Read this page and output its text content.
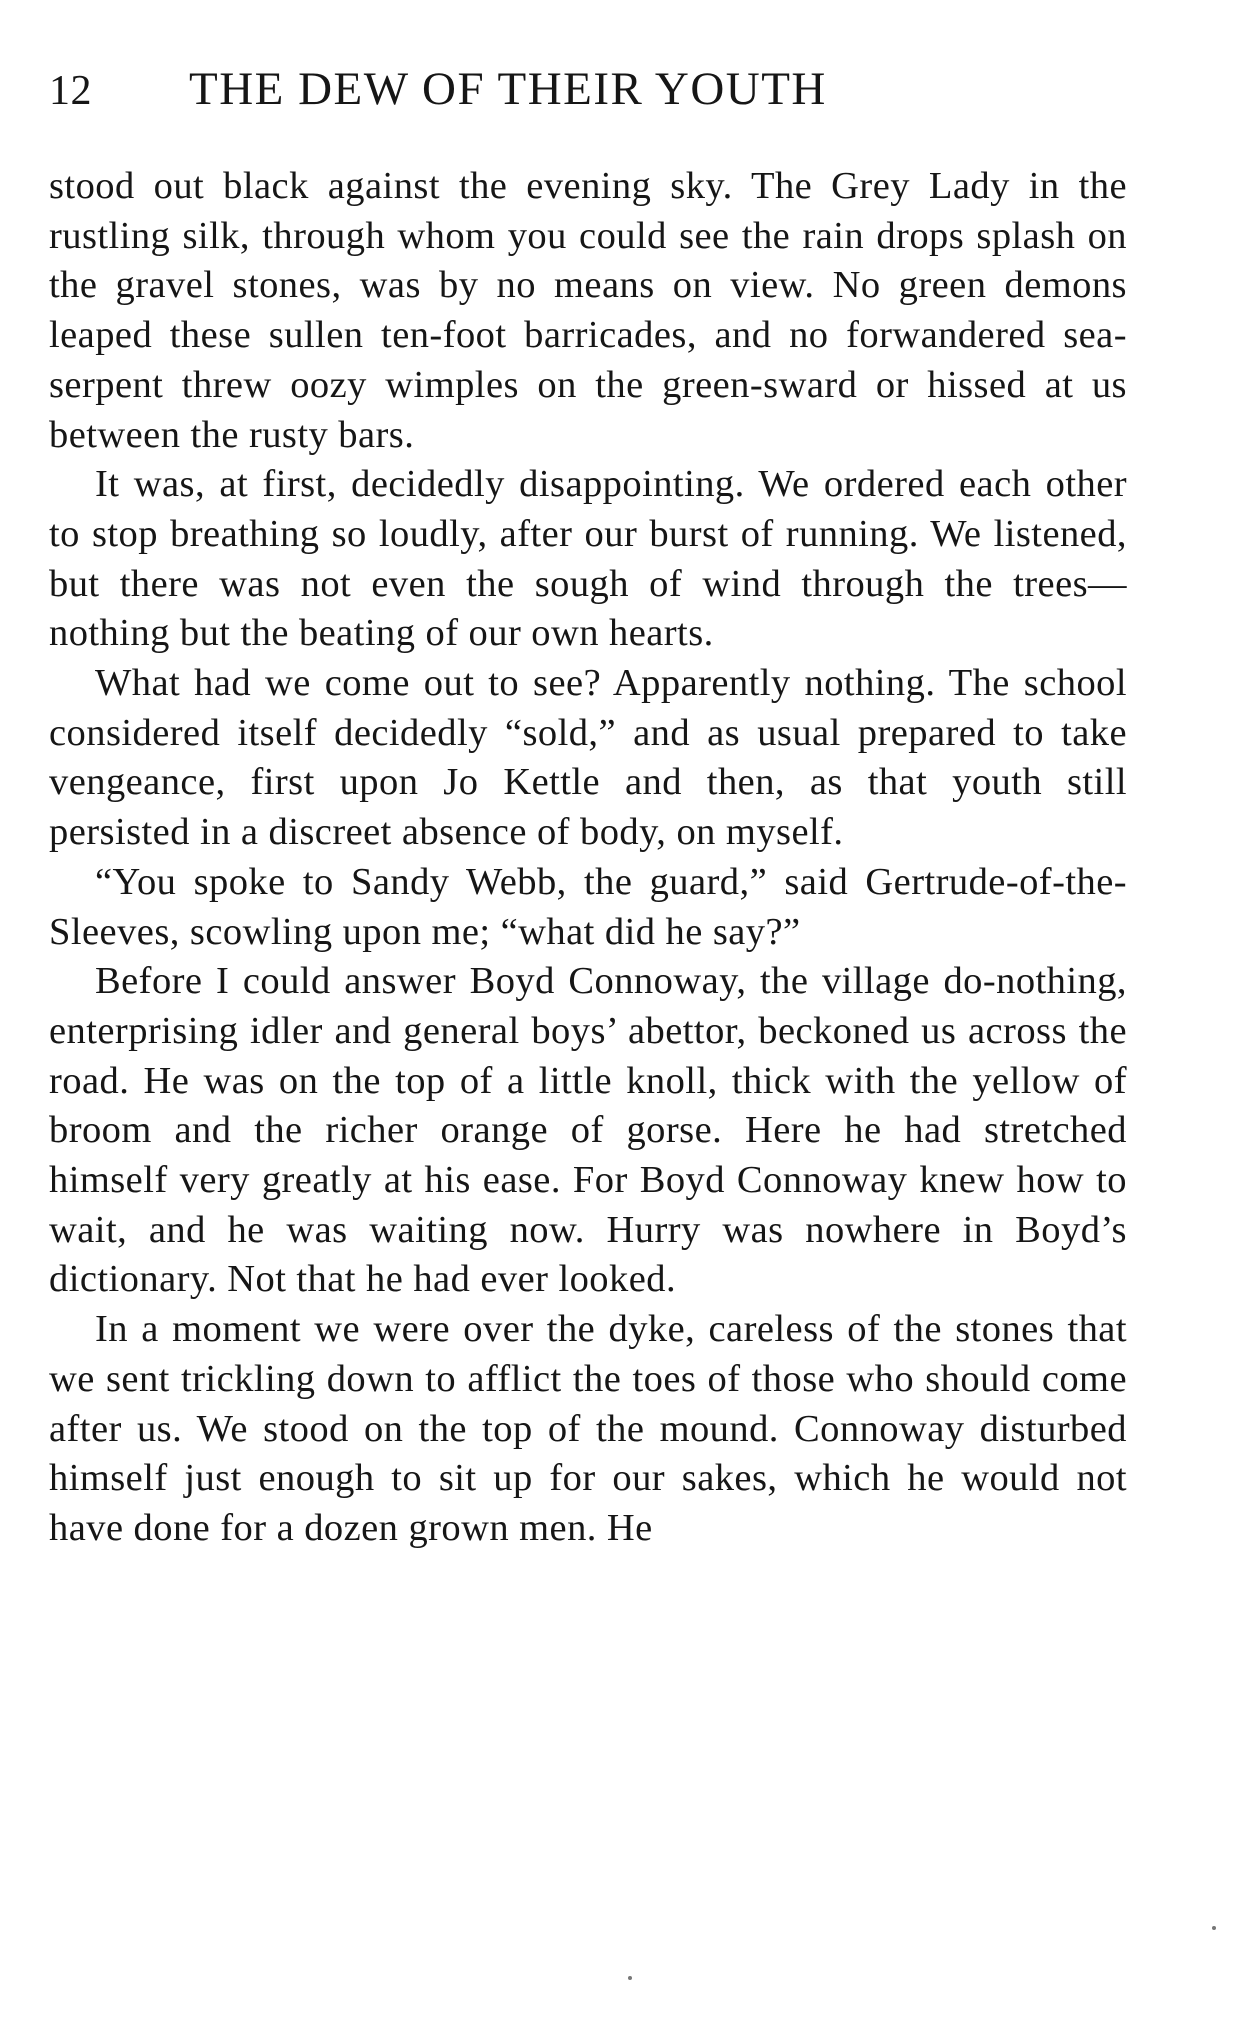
12	THE DEW OF THEIR YOUTH

stood out black against the evening sky. The Grey Lady in the rustling silk, through whom you could see the rain drops splash on the gravel stones, was by no means on view. No green demons leaped these sullen ten-foot barricades, and no forwandered sea-serpent threw oozy wimples on the green-sward or hissed at us between the rusty bars.

It was, at first, decidedly disappointing. We ordered each other to stop breathing so loudly, after our burst of running. We listened, but there was not even the sough of wind through the trees—nothing but the beating of our own hearts.

What had we come out to see? Apparently nothing. The school considered itself decidedly “sold,” and as usual prepared to take vengeance, first upon Jo Kettle and then, as that youth still persisted in a discreet absence of body, on myself.

“You spoke to Sandy Webb, the guard,” said Gertrude-of-the-Sleeves, scowling upon me; “what did he say?”

Before I could answer Boyd Connoway, the village do-nothing, enterprising idler and general boys’ abettor, beckoned us across the road. He was on the top of a little knoll, thick with the yellow of broom and the richer orange of gorse. Here he had stretched himself very greatly at his ease. For Boyd Connoway knew how to wait, and he was waiting now. Hurry was nowhere in Boyd’s dictionary. Not that he had ever looked.

In a moment we were over the dyke, careless of the stones that we sent trickling down to afflict the toes of those who should come after us. We stood on the top of the mound. Connoway disturbed himself just enough to sit up for our sakes, which he would not have done for a dozen grown men. He
